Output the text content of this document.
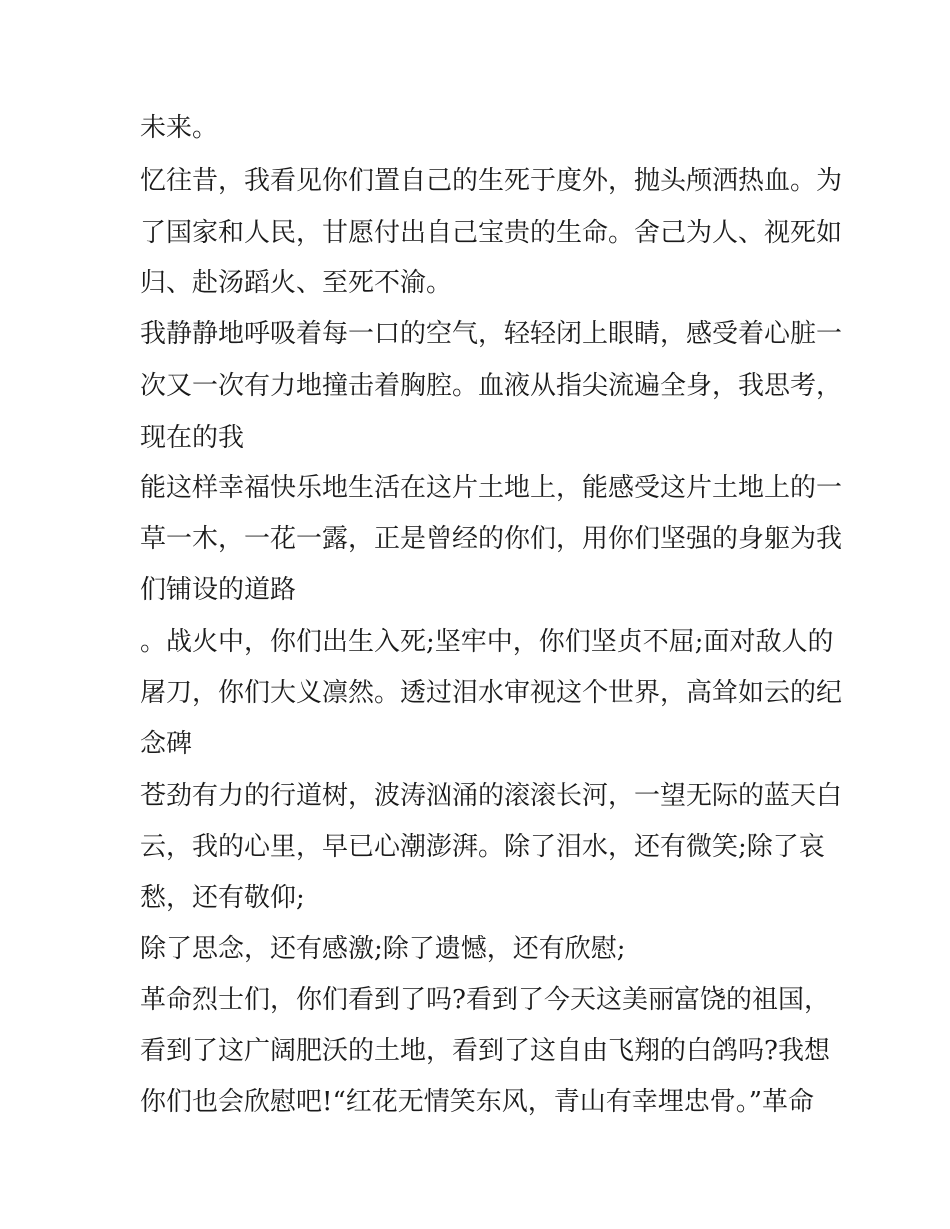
未来。
忆往昔，我看见你们置自己的生死于度外，抛头颅洒热血。为
了国家和人民，甘愿付出自己宝贵的生命。舍己为人、视死如
归、赴汤蹈火、至死不渝。
我静静地呼吸着每一口的空气，轻轻闭上眼睛，感受着心脏一
次又一次有力地撞击着胸腔。血液从指尖流遍全身，我思考，
现在的我
能这样幸福快乐地生活在这片土地上，能感受这片土地上的一
草一木，一花一露，正是曾经的你们，用你们坚强的身躯为我
们铺设的道路
。战火中，你们出生入死;坚牢中，你们坚贞不屈;面对敌人的
屠刀，你们大义凛然。透过泪水审视这个世界，高耸如云的纪
念碑
苍劲有力的行道树，波涛汹涌的滚滚长河，一望无际的蓝天白
云，我的心里，早已心潮澎湃。除了泪水，还有微笑;除了哀
愁，还有敬仰;
除了思念，还有感激;除了遗憾，还有欣慰;
革命烈士们，你们看到了吗?看到了今天这美丽富饶的祖国，
看到了这广阔肥沃的土地，看到了这自由飞翔的白鸽吗?我想
你们也会欣慰吧!“红花无情笑东风，青山有幸埋忠骨。”革命
